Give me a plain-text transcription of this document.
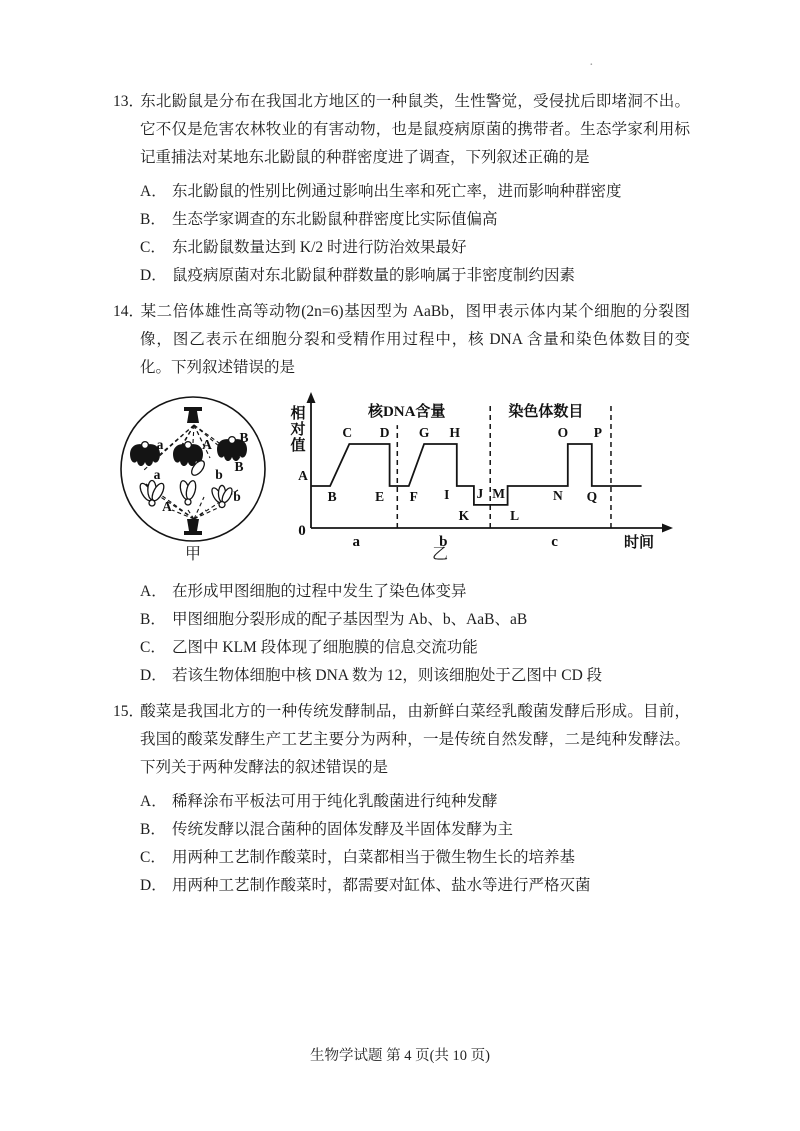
·

13．东北鼢鼠是分布在我国北方地区的一种鼠类，生性警觉，受侵扰后即堵洞不出。它不仅是危害农林牧业的有害动物，也是鼠疫病原菌的携带者。生态学家利用标记重捕法对某地东北鼢鼠的种群密度进了调查，下列叙述正确的是

A． 东北鼢鼠的性别比例通过影响出生率和死亡率，进而影响种群密度
B． 生态学家调查的东北鼢鼠种群密度比实际值偏高
C． 东北鼢鼠数量达到 K/2 时进行防治效果最好
D． 鼠疫病原菌对东北鼢鼠种群数量的影响属于非密度制约因素

14．某二倍体雄性高等动物(2n=6)基因型为 AaBb，图甲表示体内某个细胞的分裂图像，图乙表示在细胞分裂和受精作用过程中，核 DNA 含量和染色体数目的变化。下列叙述错误的是

a
a
A B
B
A
b
b
A
B
C D
E F
G H
I J
K	L
M	N
O P
Q
核DNA含量	染色体数目
相
对
值
0
a	b	c	时间
甲	乙
A． 在形成甲图细胞的过程中发生了染色体变异
B． 甲图细胞分裂形成的配子基因型为 Ab、b、AaB、aB
C． 乙图中 KLM 段体现了细胞膜的信息交流功能
D． 若该生物体细胞中核 DNA 数为 12，则该细胞处于乙图中 CD 段

15．酸菜是我国北方的一种传统发酵制品，由新鲜白菜经乳酸菌发酵后形成。目前，我国的酸菜发酵生产工艺主要分为两种，一是传统自然发酵，二是纯种发酵法。下列关于两种发酵法的叙述错误的是

A． 稀释涂布平板法可用于纯化乳酸菌进行纯种发酵
B． 传统发酵以混合菌种的固体发酵及半固体发酵为主
C． 用两种工艺制作酸菜时，白菜都相当于微生物生长的培养基
D． 用两种工艺制作酸菜时，都需要对缸体、盐水等进行严格灭菌
生物学试题 第 4 页(共 10 页)
